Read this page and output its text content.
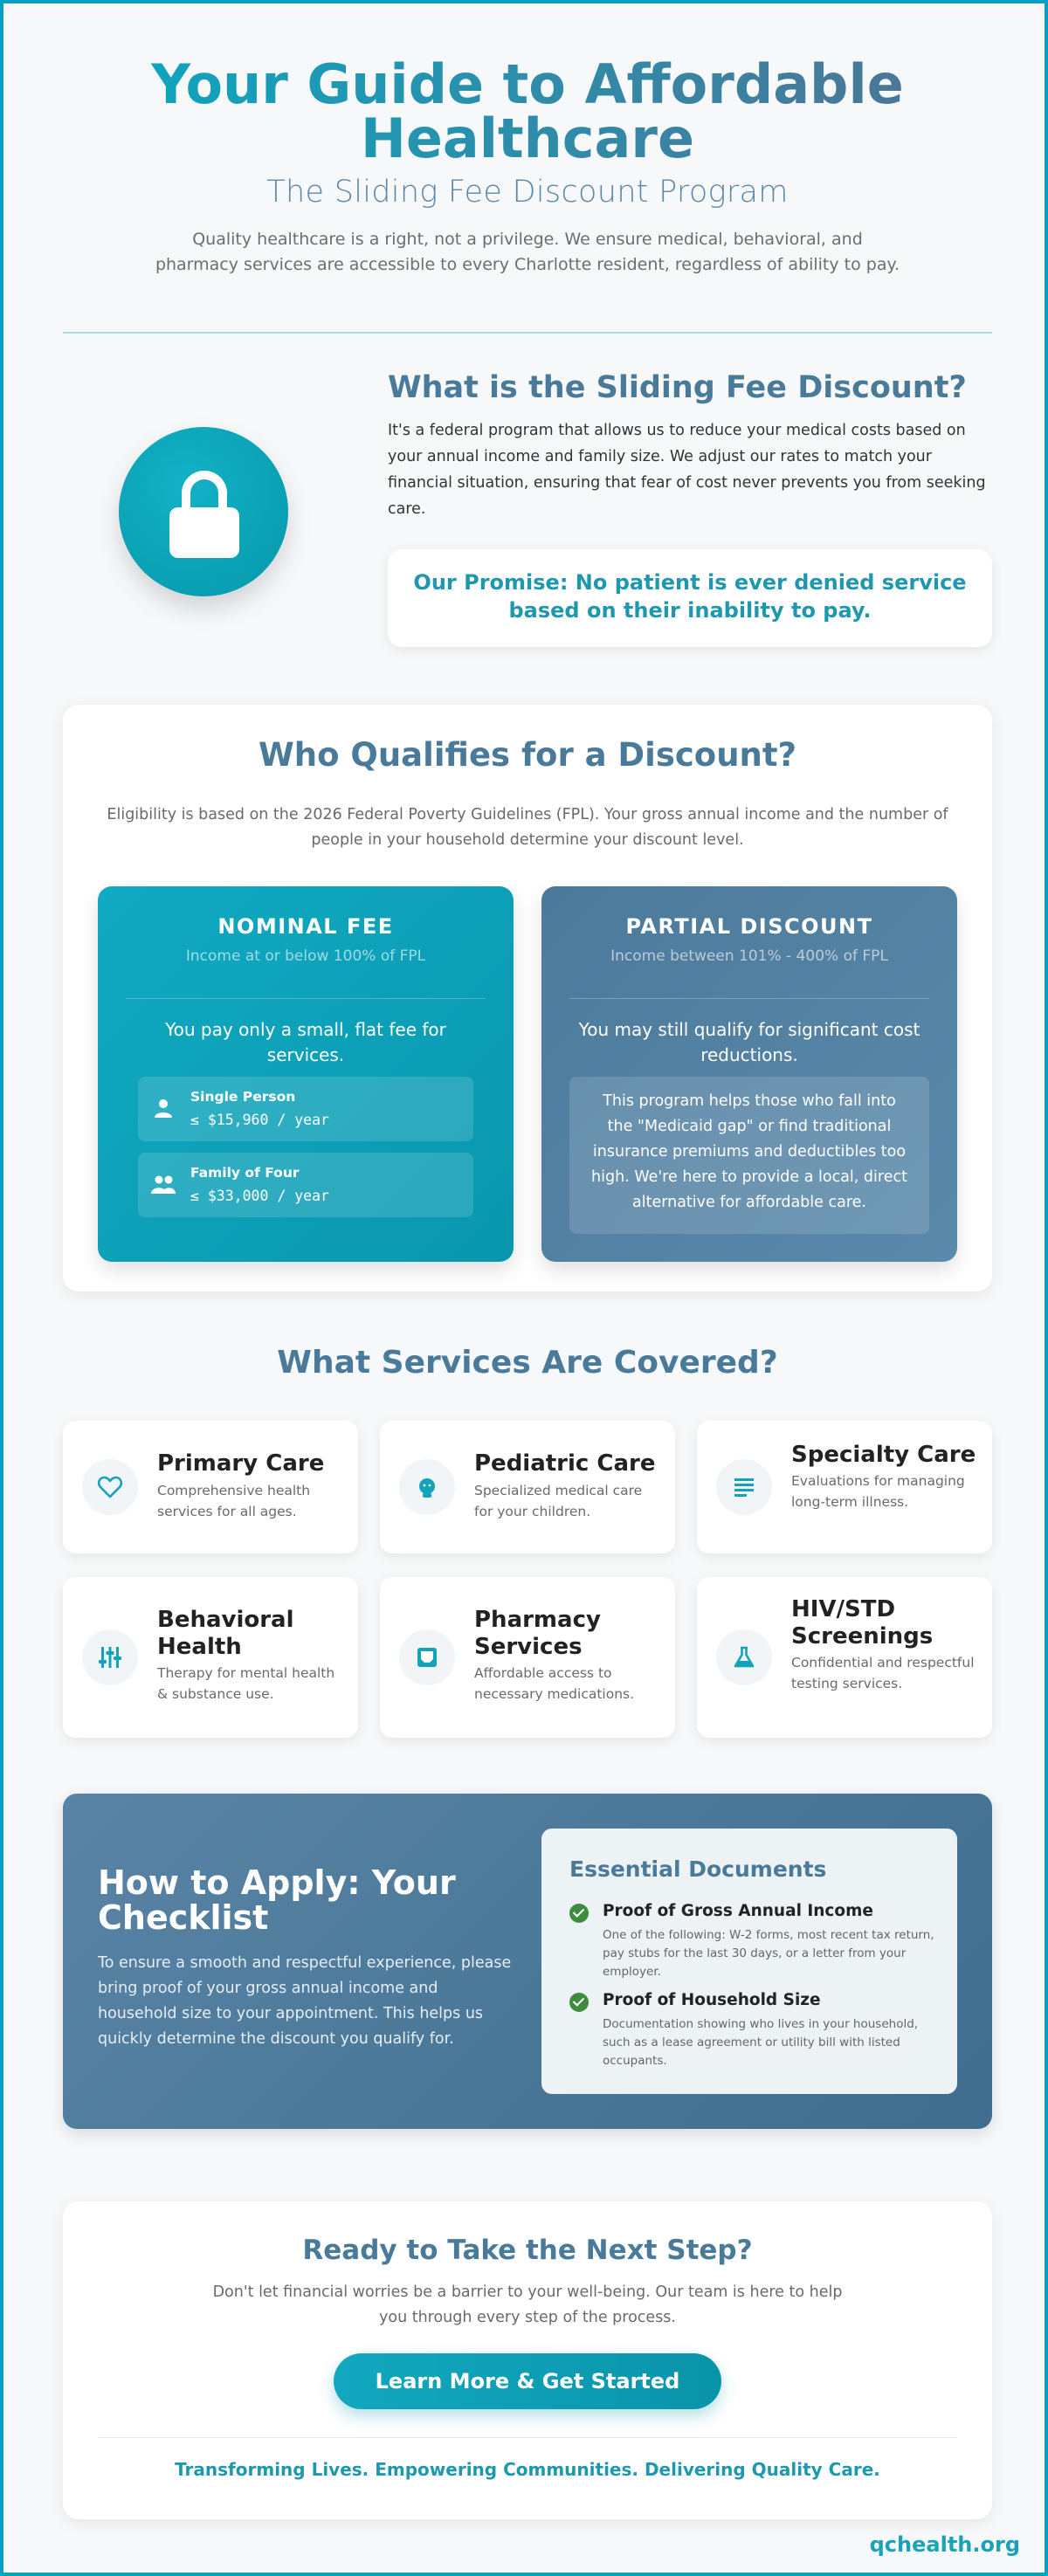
Your Guide to Affordable Healthcare
The Sliding Fee Discount Program
Quality healthcare is a right, not a privilege. We ensure medical, behavioral, and pharmacy services are accessible to every Charlotte resident, regardless of ability to pay.
What is the Sliding Fee Discount?

It's a federal program that allows us to reduce your medical costs based on your annual income and family size. We adjust our rates to match your financial situation, ensuring that fear of cost never prevents you from seeking care.

Our Promise: No patient is ever denied service based on their inability to pay.
Who Qualifies for a Discount?
Eligibility is based on the 2026 Federal Poverty Guidelines (FPL). Your gross annual income and the number of people in your household determine your discount level.
NOMINAL FEE
Income at or below 100% of FPL
You pay only a small, flat fee for services.
Single Person
≤ $15,960 / year
Family of Four
≤ $33,000 / year
PARTIAL DISCOUNT
Income between 101% - 400% of FPL
You may still qualify for significant cost reductions.
This program helps those who fall into the "Medicaid gap" or find traditional insurance premiums and deductibles too high. We're here to provide a local, direct alternative for affordable care.
What Services Are Covered?
Primary Care
Comprehensive health services for all ages.
Pediatric Care
Specialized medical care for your children.
Specialty Care
Evaluations for managing long-term illness.
Behavioral Health
Therapy for mental health & substance use.
Pharmacy Services
Affordable access to necessary medications.
HIV/STD Screenings
Confidential and respectful testing services.
How to Apply: Your Checklist

To ensure a smooth and respectful experience, please bring proof of your gross annual income and household size to your appointment. This helps us quickly determine the discount you qualify for.

Essential Documents
Proof of Gross Annual Income
One of the following: W-2 forms, most recent tax return, pay stubs for the last 30 days, or a letter from your employer.
Proof of Household Size
Documentation showing who lives in your household, such as a lease agreement or utility bill with listed occupants.
Ready to Take the Next Step?

Don't let financial worries be a barrier to your well-being. Our team is here to help you through every step of the process.

Learn More & Get Started
Transforming Lives. Empowering Communities. Delivering Quality Care.
qchealth.org
